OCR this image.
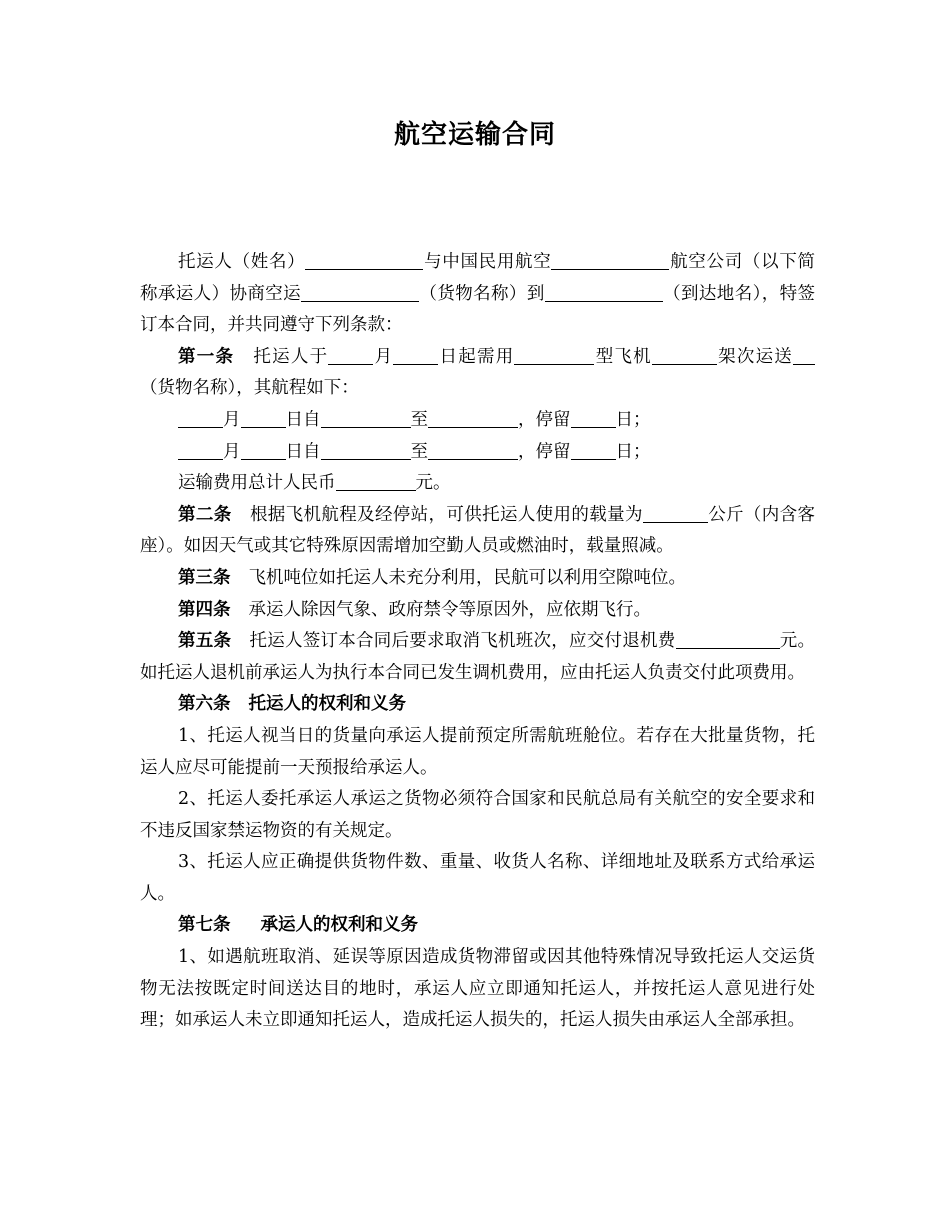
航空运输合同

托运人（姓名）	与中国民用航空	航空公司（以下简称承运人）协商空运	（货物名称）到	（到达地名），特签订本合同，并共同遵守下列条款：

第一条 托运人于	月	日起需用	型飞机	架次运送（货物名称），其航程如下：

月	日自	至	，停留	日；

月	日自	至	，停留	日；

运输费用总计人民币	元。

第二条 根据飞机航程及经停站，可供托运人使用的载量为	公斤（内含客座）。如因天气或其它特殊原因需增加空勤人员或燃油时，载量照减。

第三条 飞机吨位如托运人未充分利用，民航可以利用空隙吨位。

第四条 承运人除因气象、政府禁令等原因外，应依期飞行。

第五条 托运人签订本合同后要求取消飞机班次，应交付退机费	元。如托运人退机前承运人为执行本合同已发生调机费用，应由托运人负责交付此项费用。

第六条 托运人的权利和义务

1、托运人视当日的货量向承运人提前预定所需航班舱位。若存在大批量货物，托运人应尽可能提前一天预报给承运人。

2、托运人委托承运人承运之货物必须符合国家和民航总局有关航空的安全要求和不违反国家禁运物资的有关规定。

3、托运人应正确提供货物件数、重量、收货人名称、详细地址及联系方式给承运人。

第七条 承运人的权利和义务

1、如遇航班取消、延误等原因造成货物滞留或因其他特殊情况导致托运人交运货物无法按既定时间送达目的地时，承运人应立即通知托运人，并按托运人意见进行处理；如承运人未立即通知托运人，造成托运人损失的，托运人损失由承运人全部承担。
